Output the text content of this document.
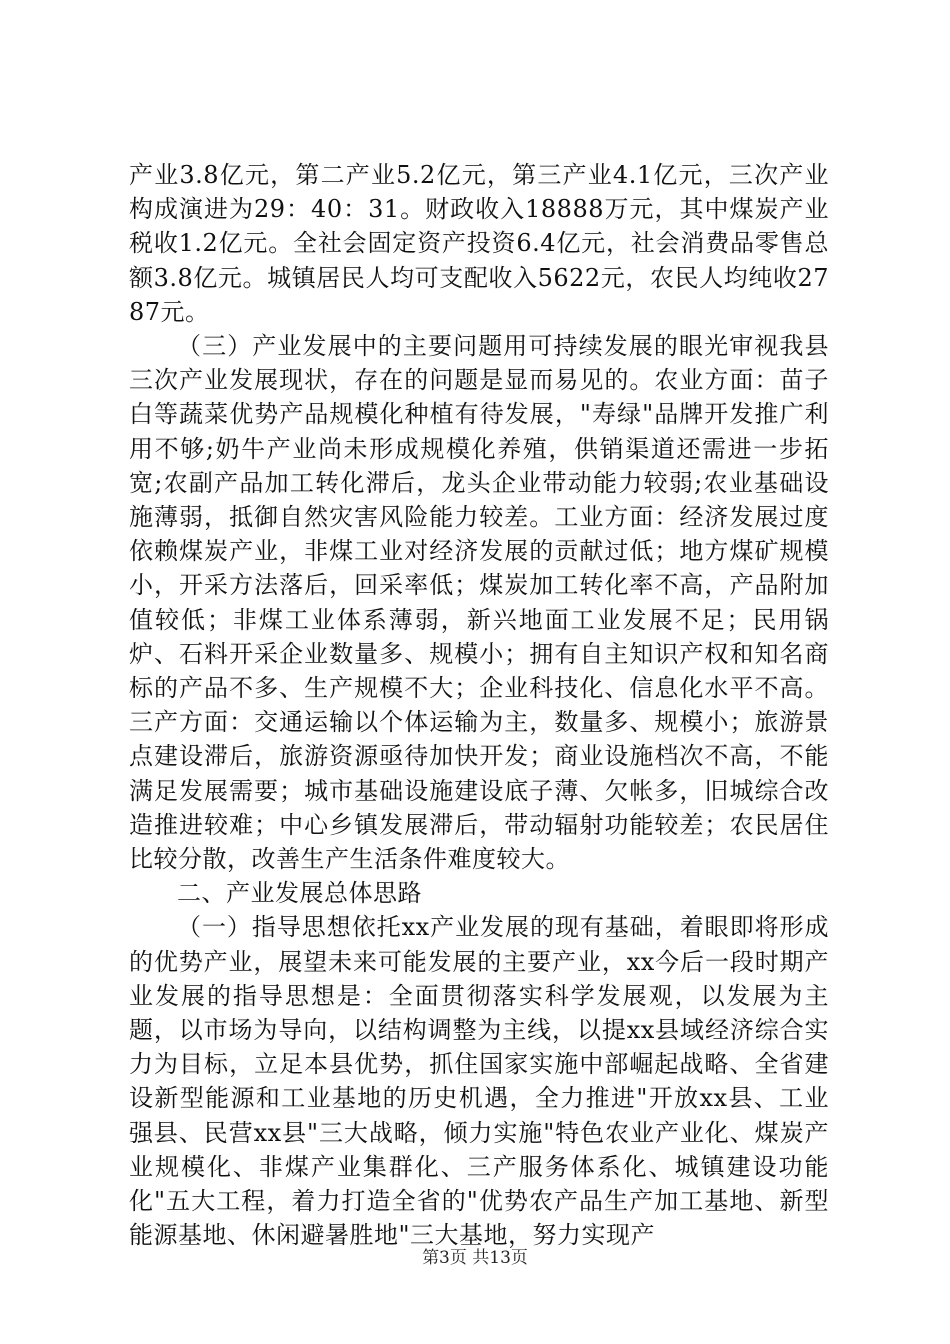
产业3.8亿元，第二产业5.2亿元，第三产业4.1亿元，三次产业构成演进为29：40：31。财政收入18888万元，其中煤炭产业税收1.2亿元。全社会固定资产投资6.4亿元，社会消费品零售总额3.8亿元。城镇居民人均可支配收入5622元，农民人均纯收2787元。

（三）产业发展中的主要问题用可持续发展的眼光审视我县三次产业发展现状，存在的问题是显而易见的。农业方面：苗子白等蔬菜优势产品规模化种植有待发展，"寿绿"品牌开发推广利用不够;奶牛产业尚未形成规模化养殖，供销渠道还需进一步拓宽;农副产品加工转化滞后，龙头企业带动能力较弱;农业基础设施薄弱，抵御自然灾害风险能力较差。工业方面：经济发展过度依赖煤炭产业，非煤工业对经济发展的贡献过低；地方煤矿规模小，开采方法落后，回采率低；煤炭加工转化率不高，产品附加值较低；非煤工业体系薄弱，新兴地面工业发展不足；民用锅炉、石料开采企业数量多、规模小；拥有自主知识产权和知名商标的产品不多、生产规模不大；企业科技化、信息化水平不高。三产方面：交通运输以个体运输为主，数量多、规模小；旅游景点建设滞后，旅游资源亟待加快开发；商业设施档次不高，不能满足发展需要；城市基础设施建设底子薄、欠帐多，旧城综合改造推进较难；中心乡镇发展滞后，带动辐射功能较差；农民居住比较分散，改善生产生活条件难度较大。

二、产业发展总体思路

（一）指导思想依托xx产业发展的现有基础，着眼即将形成的优势产业，展望未来可能发展的主要产业，xx今后一段时期产业发展的指导思想是：全面贯彻落实科学发展观，以发展为主题，以市场为导向，以结构调整为主线，以提xx县域经济综合实力为目标，立足本县优势，抓住国家实施中部崛起战略、全省建设新型能源和工业基地的历史机遇，全力推进"开放xx县、工业强县、民营xx县"三大战略，倾力实施"特色农业产业化、煤炭产业规模化、非煤产业集群化、三产服务体系化、城镇建设功能化"五大工程，着力打造全省的"优势农产品生产加工基地、新型能源基地、休闲避暑胜地"三大基地，努力实现产

第3页 共13页
